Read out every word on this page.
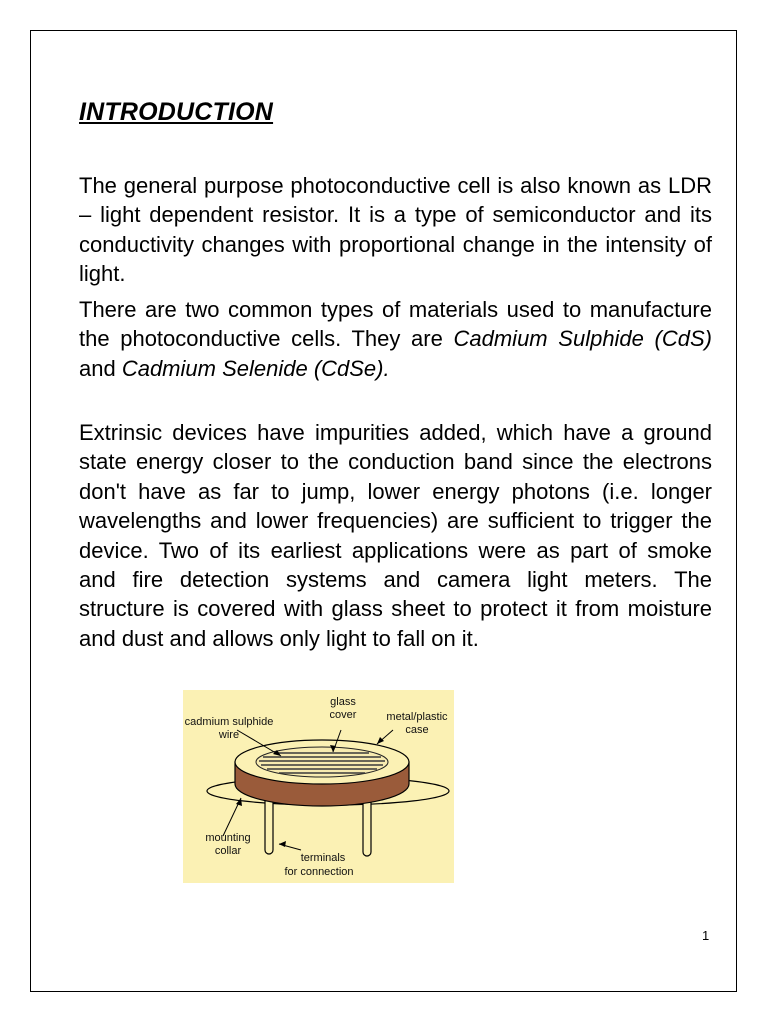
INTRODUCTION

The general purpose photoconductive cell is also known as LDR – light dependent resistor. It is a type of semiconductor and its conductivity changes with proportional change in the intensity of light.

There are two common types of materials used to manufacture the photoconductive cells. They are Cadmium Sulphide (CdS) and Cadmium Selenide (CdSe).

Extrinsic devices have impurities added, which have a ground state energy closer to the conduction band since the electrons don't have as far to jump, lower energy photons (i.e. longer wavelengths and lower frequencies) are sufficient to trigger the device. Two of its earliest applications were as part of smoke and fire detection systems and camera light meters. The structure is covered with glass sheet to protect it from moisture and dust and allows only light to fall on it.

cadmium sulphide
wire
glass
cover	metal/plastic
case
mounting
collar
terminals
for connection
1
